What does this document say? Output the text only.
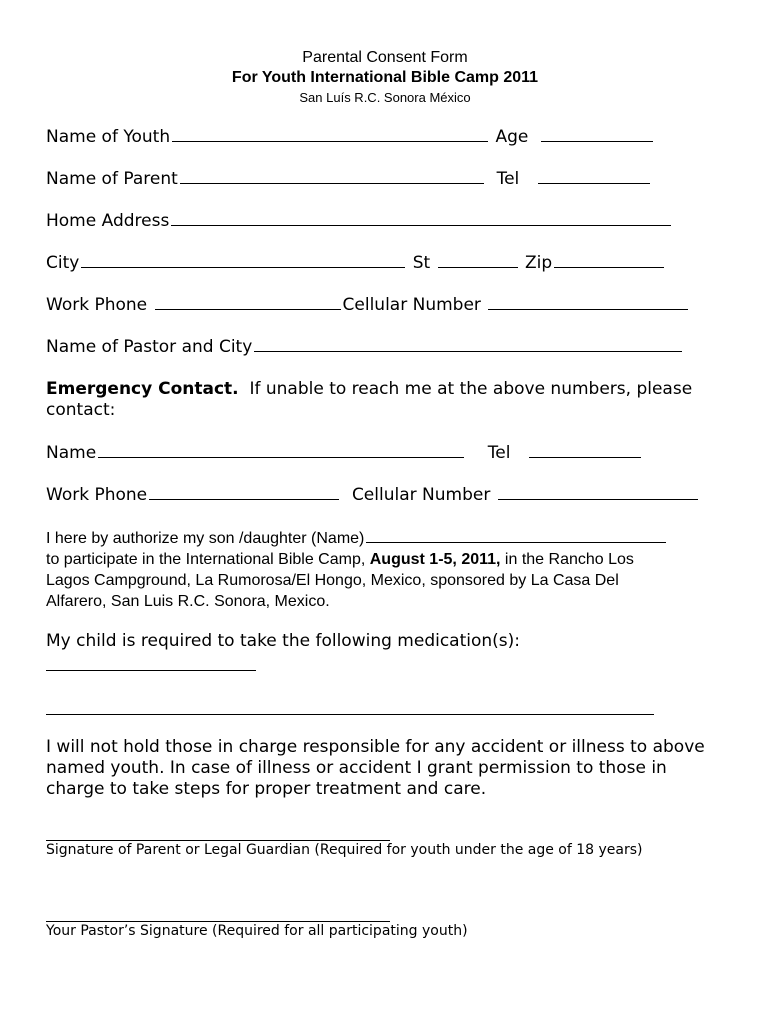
Parental Consent Form
For Youth International Bible Camp 2011
San Luís R.C. Sonora México
Name of Youth	Age
Name of Parent	Tel
Home Address
City	St	Zip
Work Phone	Cellular Number
Name of Pastor and City
Emergency Contact. If unable to reach me at the above numbers, please contact:
Name	Tel
Work Phone	Cellular Number
I here by authorize my son /daughter (Name)
to participate in the International Bible Camp, August 1-5, 2011, in the Rancho Los
Lagos Campground, La Rumorosa/El Hongo, Mexico, sponsored by La Casa Del
Alfarero, San Luis R.C. Sonora, Mexico.
My child is required to take the following medication(s):
I will not hold those in charge responsible for any accident or illness to above named youth. In case of illness or accident I grant permission to those in charge to take steps for proper treatment and care.
Signature of Parent or Legal Guardian (Required for youth under the age of 18 years)
Your Pastor’s Signature (Required for all participating youth)
